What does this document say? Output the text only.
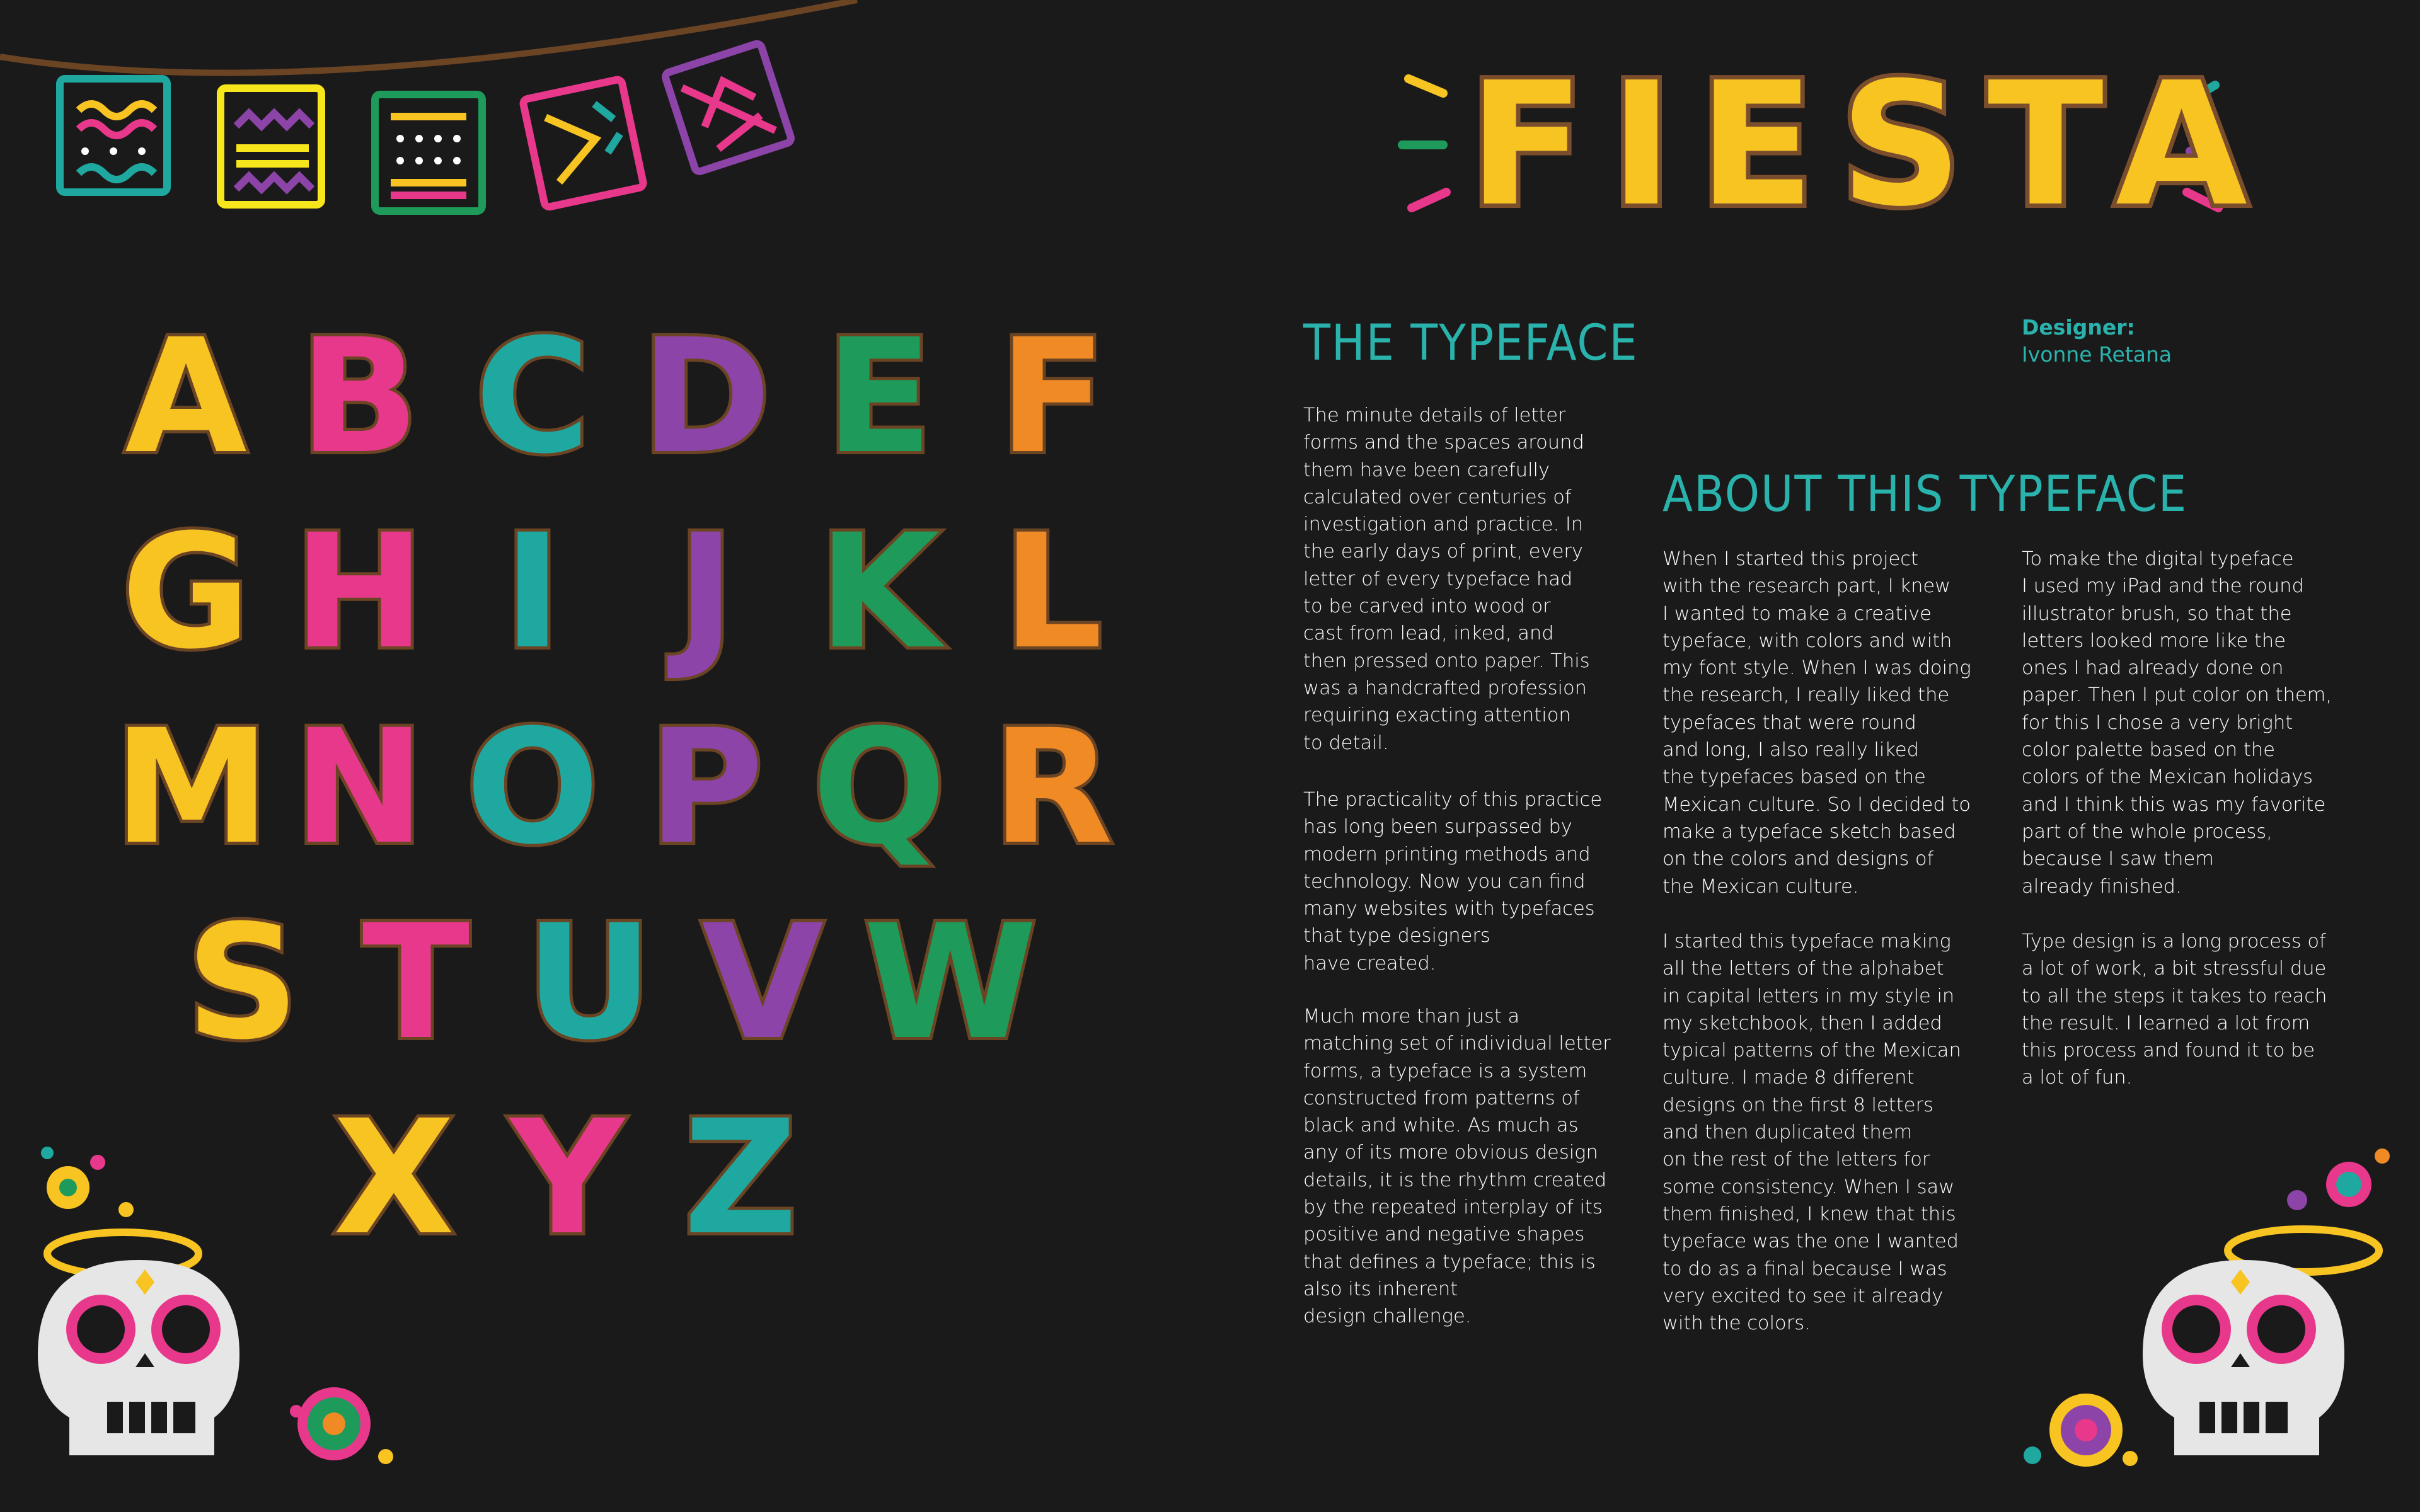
FIESTA
A B C D E F
G H I J K L
M N O P Q R
S T U V W
X Y Z
THE TYPEFACE
The minute details of letter
forms and the spaces around
them have been carefully
calculated over centuries of
investigation and practice. In
the early days of print, every
letter of every typeface had
to be carved into wood or
cast from lead, inked, and
then pressed onto paper. This
was a handcrafted profession
requiring exacting attention
to detail.
The practicality of this practice
has long been surpassed by
modern printing methods and
technology. Now you can find
many websites with typefaces
that type designers
have created.
Much more than just a
matching set of individual letter
forms, a typeface is a system
constructed from patterns of
black and white. As much as
any of its more obvious design
details, it is the rhythm created
by the repeated interplay of its
positive and negative shapes
that defines a typeface; this is
also its inherent
design challenge.
Designer:
Ivonne Retana
ABOUT THIS TYPEFACE
When I started this project
with the research part, I knew
I wanted to make a creative
typeface, with colors and with
my font style. When I was doing
the research, I really liked the
typefaces that were round
and long, I also really liked
the typefaces based on the
Mexican culture. So I decided to
make a typeface sketch based
on the colors and designs of
the Mexican culture.
I started this typeface making
all the letters of the alphabet
in capital letters in my style in
my sketchbook, then I added
typical patterns of the Mexican
culture. I made 8 different
designs on the first 8 letters
and then duplicated them
on the rest of the letters for
some consistency. When I saw
them finished, I knew that this
typeface was the one I wanted
to do as a final because I was
very excited to see it already
with the colors.
To make the digital typeface
I used my iPad and the round
illustrator brush, so that the
letters looked more like the
ones I had already done on
paper. Then I put color on them,
for this I chose a very bright
color palette based on the
colors of the Mexican holidays
and I think this was my favorite
part of the whole process,
because I saw them
already finished.
Type design is a long process of
a lot of work, a bit stressful due
to all the steps it takes to reach
the result. I learned a lot from
this process and found it to be
a lot of fun.
